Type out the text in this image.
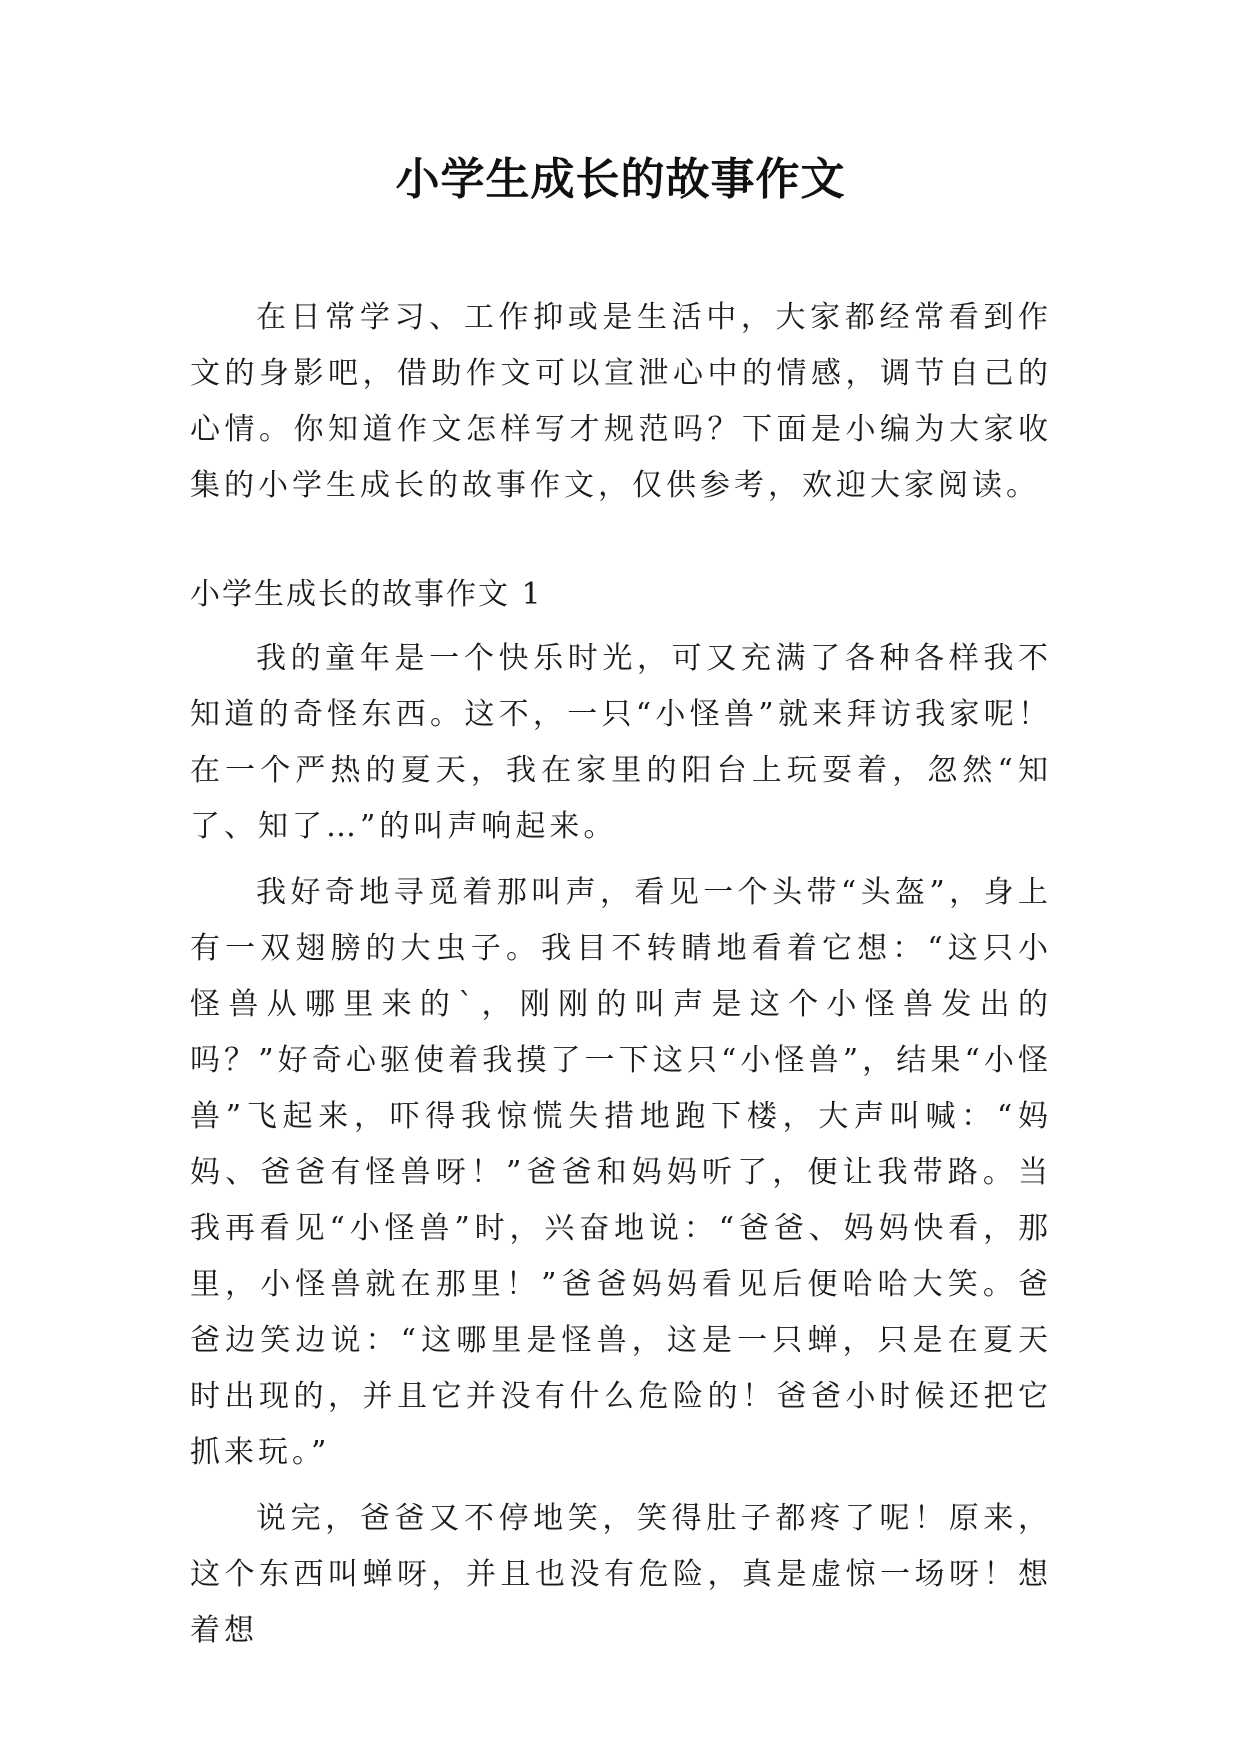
小学生成长的故事作文

在日常学习、工作抑或是生活中，大家都经常看到作文的身影吧，借助作文可以宣泄心中的情感，调节自己的心情。你知道作文怎样写才规范吗？下面是小编为大家收集的小学生成长的故事作文，仅供参考，欢迎大家阅读。

小学生成长的故事作文 1

我的童年是一个快乐时光，可又充满了各种各样我不知道的奇怪东西。这不，一只“小怪兽”就来拜访我家呢！在一个严热的夏天，我在家里的阳台上玩耍着，忽然“知了、知了…”的叫声响起来。

我好奇地寻觅着那叫声，看见一个头带“头盔”，身上有一双翅膀的大虫子。我目不转睛地看着它想：“这只小怪兽从哪里来的`，刚刚的叫声是这个小怪兽发出的吗？”好奇心驱使着我摸了一下这只“小怪兽”，结果“小怪兽”飞起来，吓得我惊慌失措地跑下楼，大声叫喊：“妈妈、爸爸有怪兽呀！”爸爸和妈妈听了，便让我带路。当我再看见“小怪兽”时，兴奋地说：“爸爸、妈妈快看，那里，小怪兽就在那里！”爸爸妈妈看见后便哈哈大笑。爸爸边笑边说：“这哪里是怪兽，这是一只蝉，只是在夏天时出现的，并且它并没有什么危险的！爸爸小时候还把它抓来玩。”

说完，爸爸又不停地笑，笑得肚子都疼了呢！原来，这个东西叫蝉呀，并且也没有危险，真是虚惊一场呀！想着想
